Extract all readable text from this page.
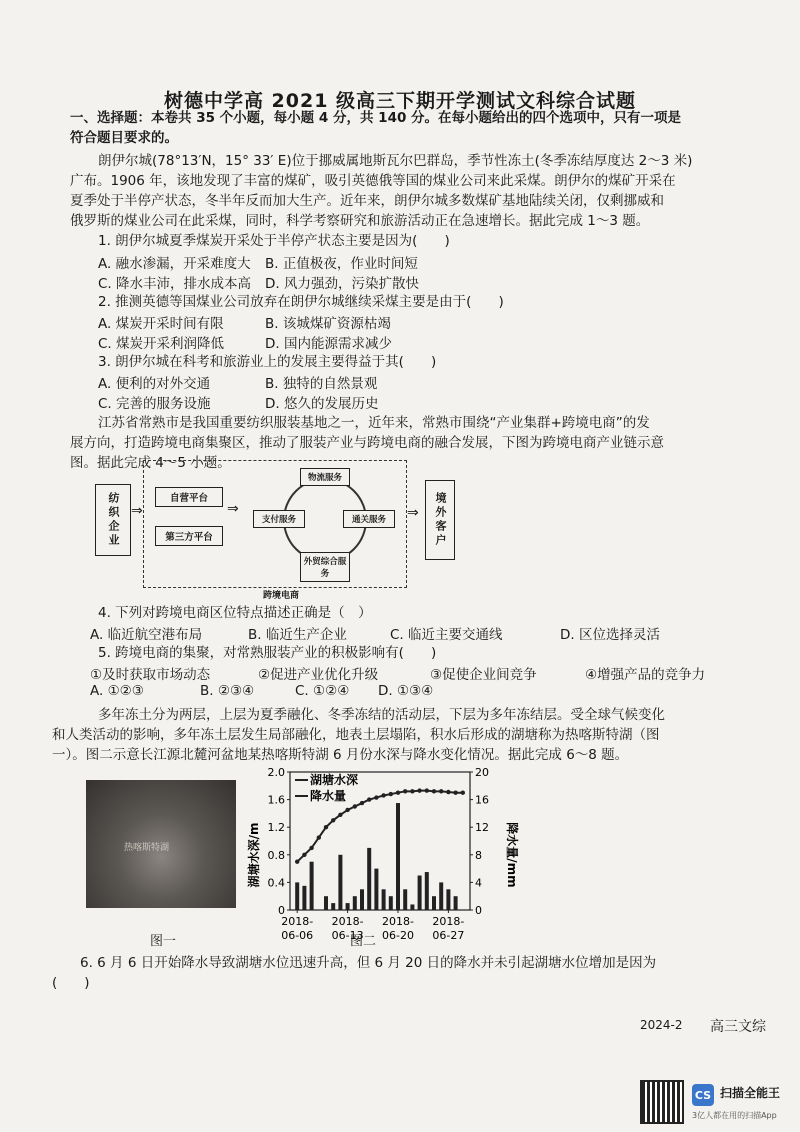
树德中学高 2021 级高三下期开学测试文科综合试题
一、选择题：本卷共 35 个小题，每小题 4 分，共 140 分。在每小题给出的四个选项中，只有一项是
符合题目要求的。
朗伊尔城(78°13′N，15° 33′ E)位于挪威属地斯瓦尔巴群岛，季节性冻土(冬季冻结厚度达 2～3 米)
广布。1906 年，该地发现了丰富的煤矿，吸引英德俄等国的煤业公司来此采煤。朗伊尔的煤矿开采在
夏季处于半停产状态，冬半年反而加大生产。近年来，朗伊尔城多数煤矿基地陆续关闭，仅剩挪威和
俄罗斯的煤业公司在此采煤，同时，科学考察研究和旅游活动正在急速增长。据此完成 1～3 题。
1. 朗伊尔城夏季煤炭开采处于半停产状态主要是因为(　　)
A. 融水渗漏，开采难度大 B. 正值极夜，作业时间短
C. 降水丰沛，排水成本高 D. 风力强劲，污染扩散快
2. 推测英德等国煤业公司放弃在朗伊尔城继续采煤主要是由于(　　)
A. 煤炭开采时间有限	B. 该城煤矿资源枯竭
C. 煤炭开采利润降低	D. 国内能源需求减少
3. 朗伊尔城在科考和旅游业上的发展主要得益于其(　　)
A. 便利的对外交通	B. 独特的自然景观
C. 完善的服务设施	D. 悠久的发展历史
江苏省常熟市是我国重要纺织服装基地之一，近年来，常熟市围绕“产业集群+跨境电商”的发
展方向，打造跨境电商集聚区，推动了服装产业与跨境电商的融合发展，下图为跨境电商产业链示意
图。据此完成 4～5 小题。
纺织企业 ⇒
自营平台
第三方平台
⇒
物流服务
支付服务	通关服务
外贸综合服务
⇒	境外客户
跨境电商
4. 下列对跨境电商区位特点描述正确是（　）
A. 临近航空港布局	B. 临近生产企业	C. 临近主要交通线	D. 区位选择灵活
5. 跨境电商的集聚，对常熟服装产业的积极影响有(　　)
①及时获取市场动态	②促进产业优化升级	③促使企业间竞争	④增强产品的竞争力
A. ①②③	B. ②③④	C. ①②④ D. ①③④
多年冻土分为两层，上层为夏季融化、冬季冻结的活动层，下层为多年冻结层。受全球气候变化
和人类活动的影响，多年冻土层发生局部融化，地表土层塌陷，积水后形成的湖塘称为热喀斯特湖（图
一）。图二示意长江源北麓河盆地某热喀斯特湖 6 月份水深与降水变化情况。据此完成 6～8 题。
热喀斯特湖
图一
0
0.4
0.8
1.2
1.6
2.0
0
4
8
12
16
20
湖塘水深/m	降水量/mm
2018-
06-06
2018-
06-13
2018-
06-20
2018-
06-27
湖塘水深
降水量
图二
6. 6 月 6 日开始降水导致湖塘水位迅速升高，但 6 月 20 日的降水并未引起湖塘水位增加是因为
(　　)
2024-2 高三文综
CS 扫描全能王
3亿人都在用的扫描App
